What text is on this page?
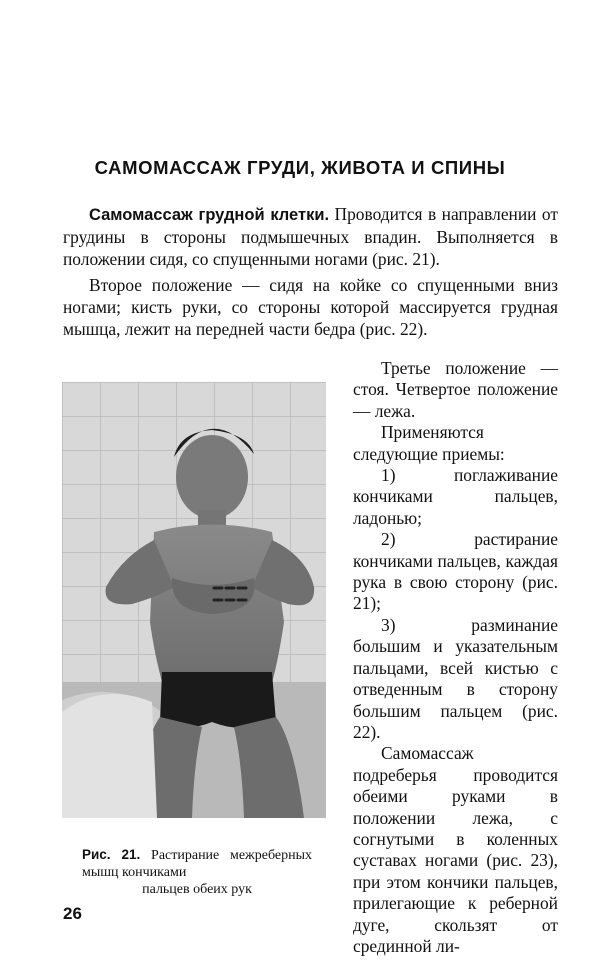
САМОМАССАЖ ГРУДИ, ЖИВОТА И СПИНЫ

Самомассаж грудной клетки. Проводится в направлении от грудины в стороны подмышечных впадин. Выполняется в положении сидя, со спущенными ногами (рис. 21).

Второе положение — сидя на койке со спущенными вниз ногами; кисть руки, со стороны которой массируется грудная мышца, лежит на передней части бедра (рис. 22).

Рис. 21. Растирание межреберных мышц кончиками
пальцев обеих рук

Третье положение — стоя. Четвертое положение — лежа.

Применяются следующие приемы:

1) поглаживание кончиками пальцев, ладонью;

2) растирание кончиками пальцев, каждая рука в свою сторону (рис. 21);

3) разминание большим и указательным пальцами, всей кистью с отведенным в сторону большим пальцем (рис. 22).

Самомассаж подреберья проводится обеими руками в положении лежа, с согнутыми в коленных суставах ногами (рис. 23), при этом кончики пальцев, прилегающие к реберной дуге, скользят от срединной ли-

26
